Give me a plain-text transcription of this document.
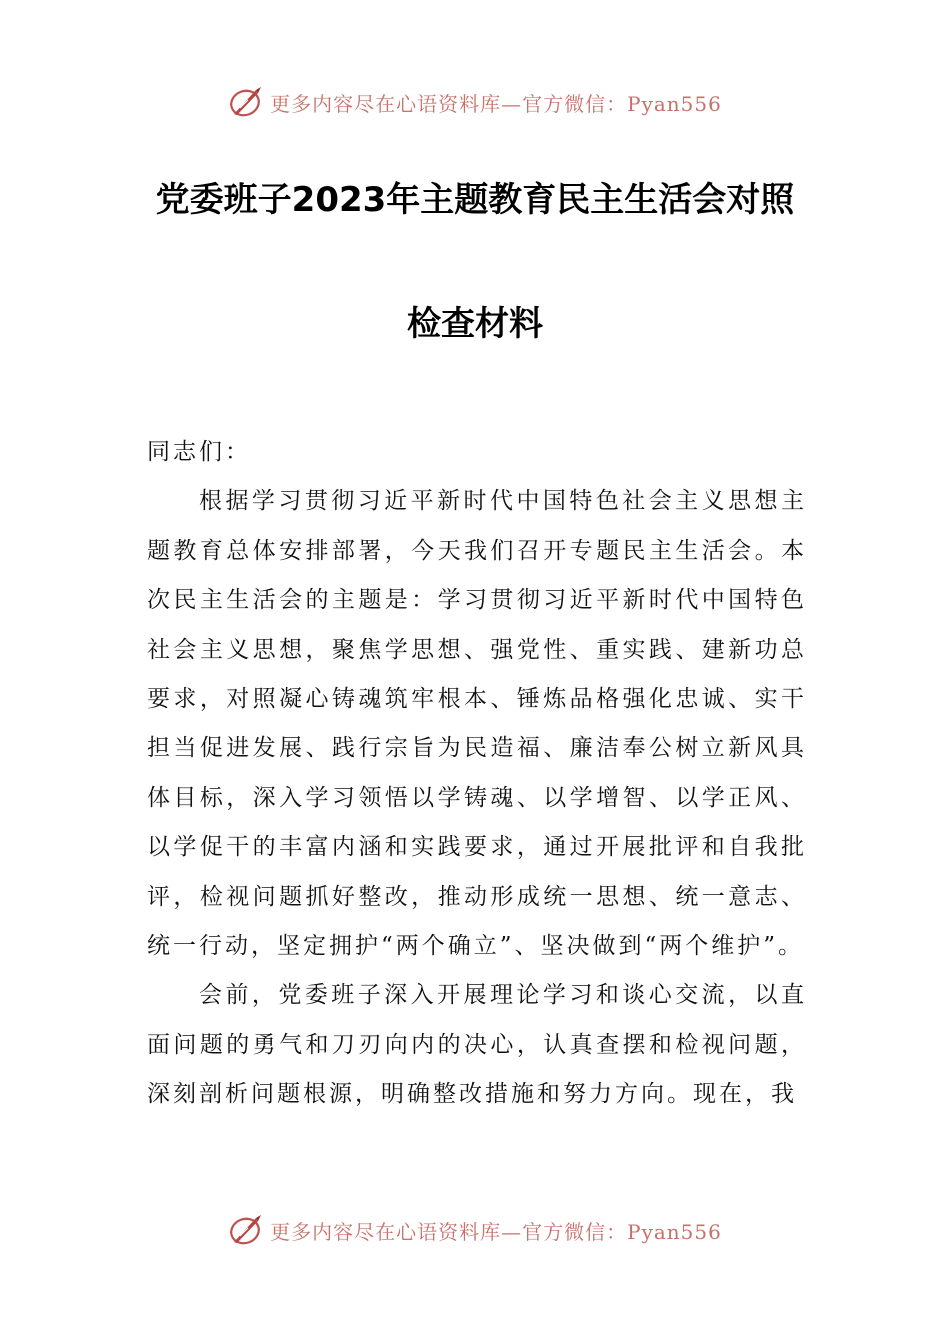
更多内容尽在心语资料库—官方微信：Pyan556
党委班子2023年主题教育民主生活会对照
检查材料

同志们：

根据学习贯彻习近平新时代中国特色社会主义思想主题教育总体安排部署，今天我们召开专题民主生活会。本次民主生活会的主题是：学习贯彻习近平新时代中国特色社会主义思想，聚焦学思想、强党性、重实践、建新功总要求，对照凝心铸魂筑牢根本、锤炼品格强化忠诚、实干担当促进发展、践行宗旨为民造福、廉洁奉公树立新风具体目标，深入学习领悟以学铸魂、以学增智、以学正风、以学促干的丰富内涵和实践要求，通过开展批评和自我批评，检视问题抓好整改，推动形成统一思想、统一意志、统一行动，坚定拥护“两个确立”、坚决做到“两个维护”。

会前，党委班子深入开展理论学习和谈心交流，以直面问题的勇气和刀刃向内的决心，认真查摆和检视问题，深刻剖析问题根源，明确整改措施和努力方向。现在，我

更多内容尽在心语资料库—官方微信：Pyan556
